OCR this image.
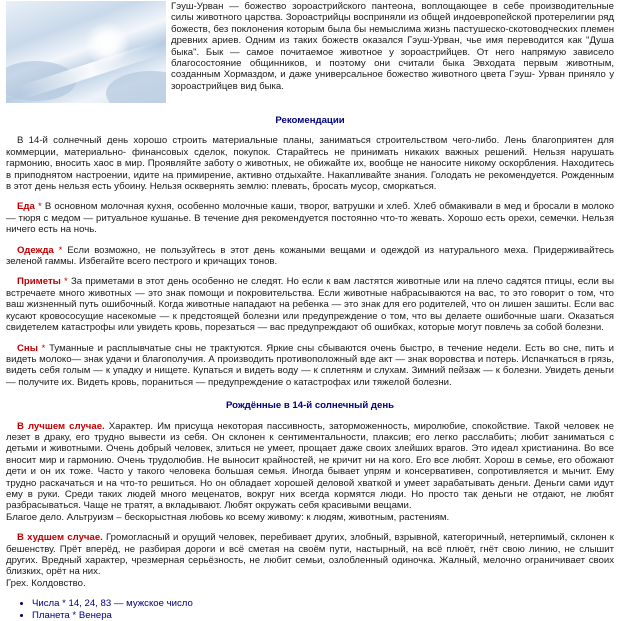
Гэуш-Урван — божество зороастрийского пантеона, воплощающее в себе производительные силы животного царства. Зороастрийцы восприняли из общей индоевропейской протерелигии ряд божеств, без поклонения которым была бы немыслима жизнь пастушеско-скотоводческих племен древних ариев. Одним из таких божеств оказался Гэуш-Урван, чье имя переводится как "Душа быка". Бык — самое почитаемое животное у зороастрийцев. От него напрямую зависело благосостояние общинников, и поэтому они считали быка Эвходата первым животным, созданным Хормаздом, и даже универсальное божество животного цвета Гэуш- Урван приняло у зороастрийцев вид быка.

Рекомендации

В 14-й солнечный день хорошо строить материальные планы, заниматься строительством чего-либо. Лень благоприятен для коммерции, материально- финансовых сделок, покупок. Старайтесь не принимать никаких важных решений. Нельзя нарушать гармонию, вносить хаос в мир. Проявляйте заботу о животных, не обижайте их, вообще не наносите никому оскорбления. Находитесь в приподнятом настроении, идите на примирение, активно отдыхайте. Накапливайте знания. Голодать не рекомендуется. Рожденным в этот день нельзя есть убоину. Нельзя осквернять землю: плевать, бросать мусор, сморкаться.

Еда * В основном молочная кухня, особенно молочные каши, творог, ватрушки и хлеб. Хлеб обмакивали в мед и бросали в молоко — тюря с медом — ритуальное кушанье. В течение дня рекомендуется постоянно что-то жевать. Хорошо есть орехи, семечки. Нельзя ничего есть на ночь.

Одежда * Если возможно, не пользуйтесь в этот день кожаными вещами и одеждой из натурального меха. Придерживайтесь зеленой гаммы. Избегайте всего пестрого и кричащих тонов.

Приметы * За приметами в этот день особенно не следят. Но если к вам ластятся животные или на плечо садятся птицы, если вы встречаете много животных — это знак помощи и покровительства. Если животные набрасываются на вас, то это говорит о том, что ваш жизненный путь ошибочный. Когда животные нападают на ребенка — это знак для его родителей, что он лишен зашиты. Если вас кусают кровососущие насекомые — к предстоящей болезни или предупреждение о том, что вы делаете ошибочные шаги. Оказаться свидетелем катастрофы или увидеть кровь, порезаться — вас предупреждают об ошибках, которые могут повлечь за собой болезни.

Сны * Туманные и расплывчатые сны не трактуются. Яркие сны сбываются очень быстро, в течение недели. Есть во сне, пить и видеть молоко— знак удачи и благополучия. А производить противоположный вде акт — знак воровства и потерь. Испачкаться в грязь, видеть себя голым — к упадку и нищете. Купаться и видеть воду — к сплетням и слухам. Зимний пейзаж — к болезни. Увидеть деньги — получите их. Видеть кровь, пораниться — предупреждение о катастрофах или тяжелой болезни.

Рождённые в 14-й солнечный день

В лучшем случае. Характер. Им присуща некоторая пассивность, заторможенность, миролюбие, спокойствие. Такой человек не лезет в драку, его трудно вывести из себя. Он склонен к сентиментальности, плаксив; его легко расслабить; любит заниматься с детьми и животными. Очень добрый человек, злиться не умеет, прощает даже своих злейших врагов. Это идеал христианина. Во все вносит мир и гармонию. Очень трудолюбив. Не выносит крайностей, не кричит ни на кого. Его все любят. Хорош в семье, его обожают дети и он их тоже. Часто у такого человека большая семья. Иногда бывает упрям и консервативен, сопротивляется и мычит. Ему трудно раскачаться и на что-то решиться. Но он обладает хорошей деловой хваткой и умеет зарабатывать деньги. Деньги сами идут ему в руки. Среди таких людей много меценатов, вокруг них всегда кормятся люди. Но просто так деньги не отдают, не любят разбрасываться. Чаще не тратят, а вкладывают. Любят окружать себя красивыми вещами.

Благое дело. Альтруизм – бескорыстная любовь ко всему живому: к людям, животным, растениям.

В худшем случае. Громогласный и орущий человек, перебивает других, злобный, взрывной, категоричный, нетерпимый, склонен к бешенству. Прёт вперёд, не разбирая дороги и всё сметая на своём пути, настырный, на всё плюёт, гнёт свою линию, не слышит других. Вредный характер, чрезмерная серьёзность, не любит семьи, озлобленный одиночка. Жалный, мелочно ограничивает своих близких, орёт на них.

Грех. Колдовство.

• Числа * 14, 24, 83 — мужское число
• Планета * Венера
